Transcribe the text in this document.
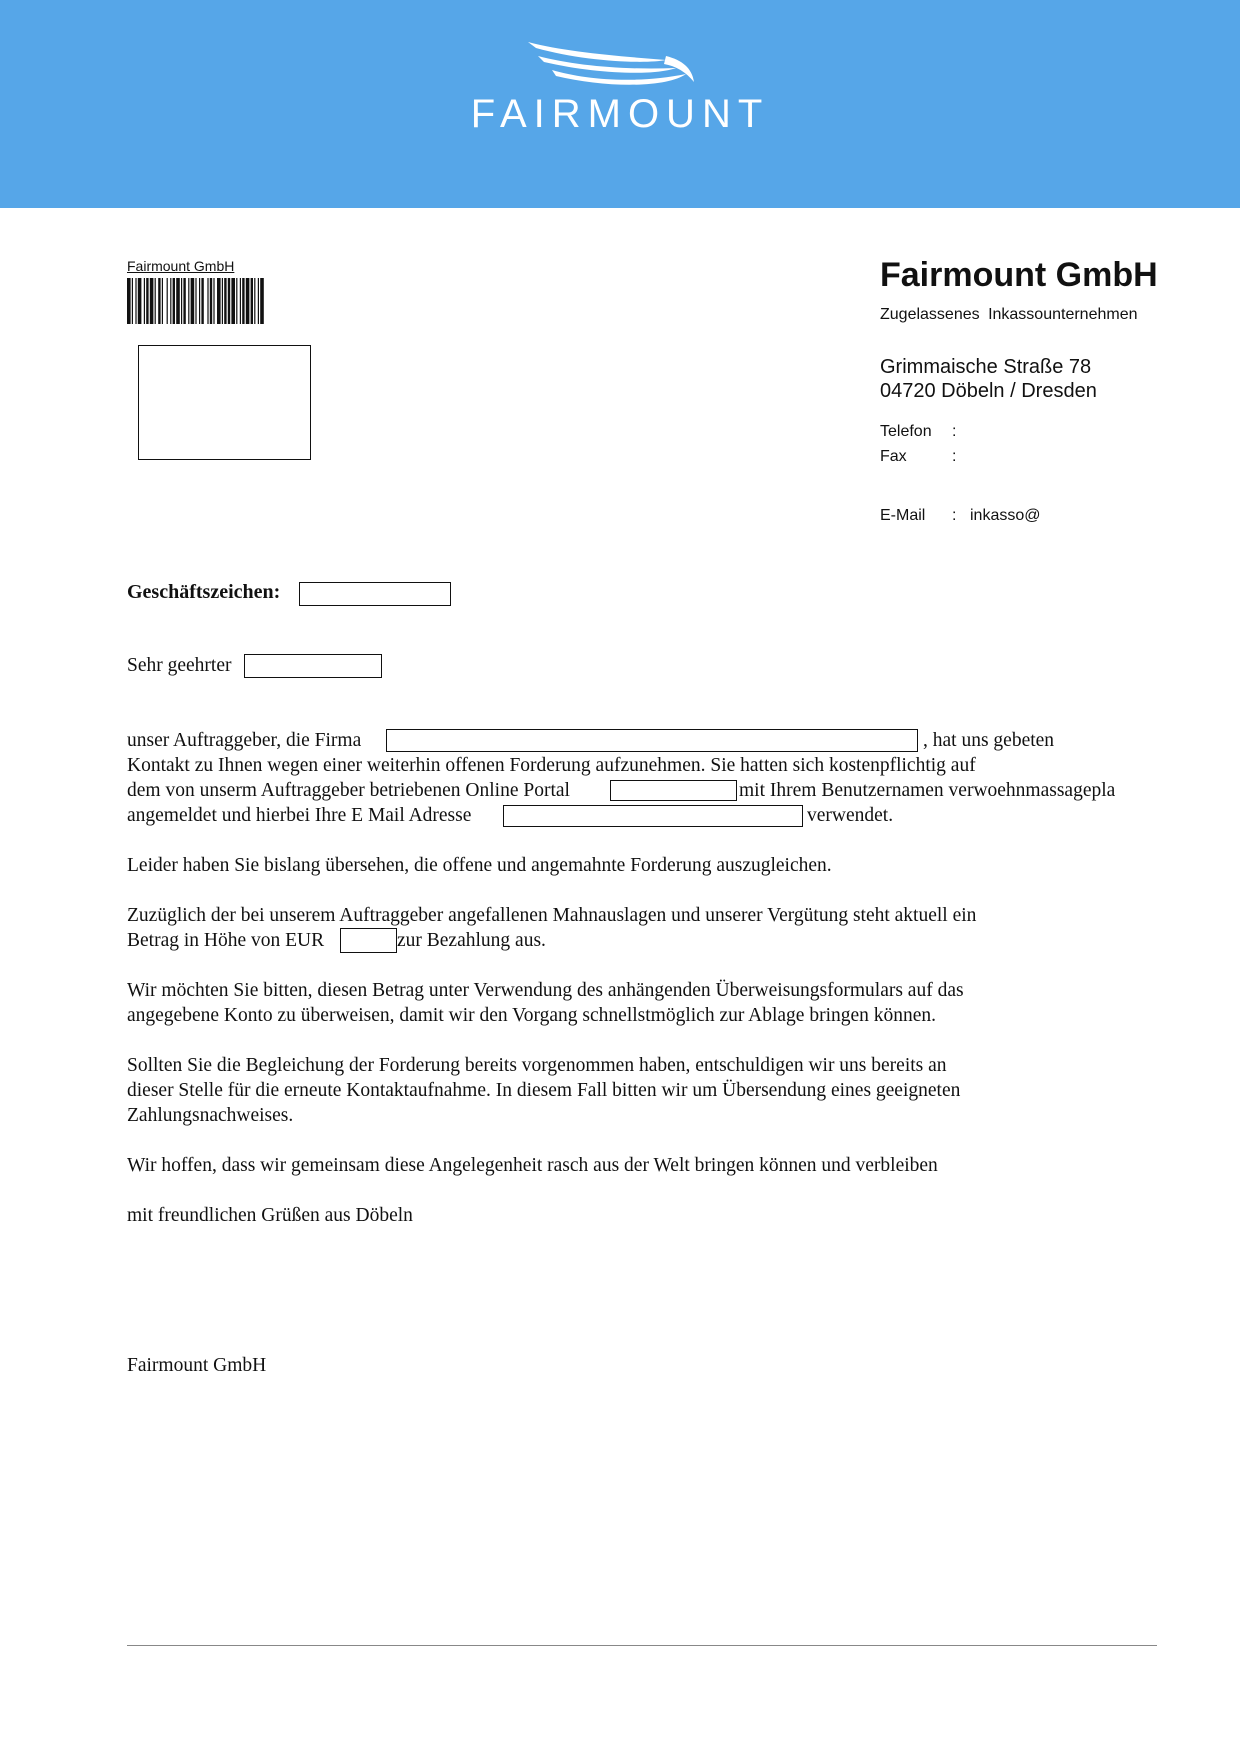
FAIRMOUNT
Fairmount GmbH	Fairmount GmbH
Zugelassenes Inkassounternehmen
Grimmaische Straße 78
04720 Döbeln / Dresden
Telefon :
Fax	:
E-Mail : inkasso@
Geschäftszeichen:
Sehr geehrter
unser Auftraggeber, die Firma	, hat uns gebeten
Kontakt zu Ihnen wegen einer weiterhin offenen Forderung aufzunehmen. Sie hatten sich kostenpflichtig auf
dem von unserm Auftraggeber betriebenen Online Portal	mit Ihrem Benutzernamen verwoehnmassagepla
angemeldet und hierbei Ihre E Mail Adresse	verwendet.
Leider haben Sie bislang übersehen, die offene und angemahnte Forderung auszugleichen.
Zuzüglich der bei unserem Auftraggeber angefallenen Mahnauslagen und unserer Vergütung steht aktuell ein
Betrag in Höhe von EUR	zur Bezahlung aus.
Wir möchten Sie bitten, diesen Betrag unter Verwendung des anhängenden Überweisungsformulars auf das
angegebene Konto zu überweisen, damit wir den Vorgang schnellstmöglich zur Ablage bringen können.
Sollten Sie die Begleichung der Forderung bereits vorgenommen haben, entschuldigen wir uns bereits an
dieser Stelle für die erneute Kontaktaufnahme. In diesem Fall bitten wir um Übersendung eines geeigneten
Zahlungsnachweises.
Wir hoffen, dass wir gemeinsam diese Angelegenheit rasch aus der Welt bringen können und verbleiben
mit freundlichen Grüßen aus Döbeln
Fairmount GmbH
